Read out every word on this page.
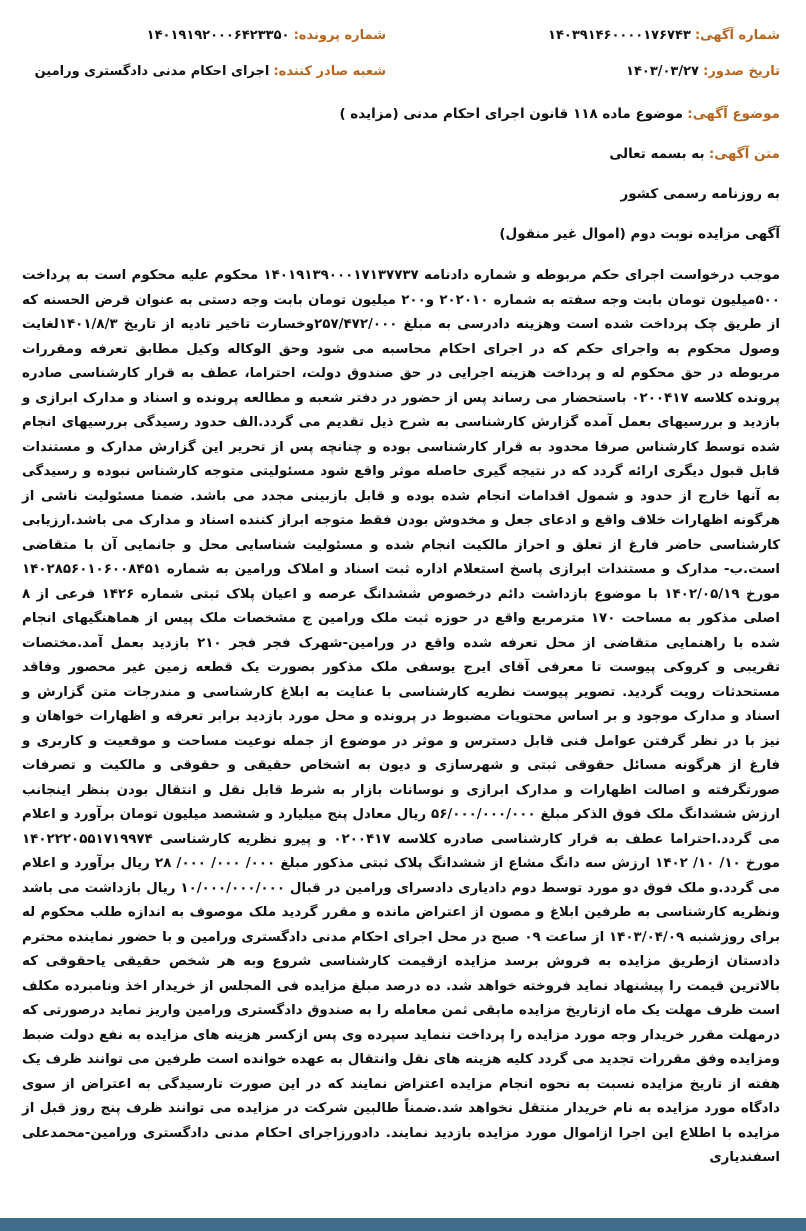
شماره آگهی: ۱۴۰۳۹۱۴۶۰۰۰۰۱۷۶۷۴۳
شماره پرونده: ۱۴۰۱۹۱۹۲۰۰۰۶۴۲۳۳۵۰
تاریخ صدور: ۱۴۰۳/۰۳/۲۷
شعبه صادر کننده: اجرای احکام مدنی دادگستری ورامین
موضوع آگهی: موضوع ماده ۱۱۸ قانون اجرای احکام مدنی (مزایده )
متن آگهی: به بسمه تعالی
به روزنامه رسمی کشور
آگهی مزایده نوبت دوم (اموال غیر منقول)

موجب درخواست اجرای حکم مربوطه و شماره دادنامه ۱۴۰۱۹۱۳۹۰۰۰۱۷۱۳۷۷۳۷ محکوم علیه محکوم است به پرداخت ۵۰۰میلیون تومان بابت وجه سفته به شماره ۲۰۲۰۱۰ و۲۰۰ میلیون تومان بابت وجه دستی به عنوان قرض الحسنه که از طریق چک پرداخت شده است وهزینه دادرسی به مبلغ ۲۵۷/۴۷۲/۰۰۰وخسارت تاخیر تادیه از تاریخ ۱۴۰۱/۸/۳لغایت وصول محکوم به واجرای حکم که در اجرای احکام محاسبه می شود وحق الوکاله وکیل مطابق تعرفه ومقررات مربوطه در حق محکوم له و پرداخت هزینه اجرایی در حق صندوق دولت، احتراما، عطف به قرار کارشناسی صادره پرونده کلاسه ۰۲۰۰۴۱۷ باستحضار می رساند پس از حضور در دفتر شعبه و مطالعه پرونده و اسناد و مدارک ابرازی و بازدید و بررسیهای بعمل آمده گزارش کارشناسی به شرح ذیل تقدیم می گردد.الف حدود رسیدگی بررسیهای انجام شده توسط کارشناس صرفا محدود به قرار کارشناسی بوده و چنانچه پس از تحریر این گزارش مدارک و مستندات قابل قبول دیگری ارائه گردد که در نتیجه گیری حاصله موثر واقع شود مسئولیتی متوجه کارشناس نبوده و رسیدگی به آنها خارج از حدود و شمول اقدامات انجام شده بوده و قابل بازبینی مجدد می باشد. ضمنا مسئولیت ناشی از هرگونه اظهارات خلاف واقع و ادعای جعل و مخدوش بودن فقط متوجه ابراز کننده اسناد و مدارک می باشد.ارزیابی کارشناسی حاضر فارغ از تعلق و احراز مالکیت انجام شده و مسئولیت شناسایی محل و جانمایی آن با متقاضی است.ب- مدارک و مستندات ابرازی پاسخ استعلام اداره ثبت اسناد و املاک ورامین به شماره ۱۴۰۲۸۵۶۰۱۰۶۰۰۸۴۵۱ مورخ ۱۴۰۲/۰۵/۱۹ با موضوع بازداشت دائم درخصوص ششدانگ عرصه و اعیان پلاک ثبتی شماره ۱۴۲۶ فرعی از ۸ اصلی مذکور به مساحت ۱۷۰ مترمربع واقع در حوزه ثبت ملک ورامین ج مشخصات ملک پیس از هماهنگیهای انجام شده با راهنمایی متقاضی از محل تعرفه شده واقع در ورامین-شهرک فجر فجر ۲۱۰ بازدید بعمل آمد.مختصات تقریبی و کروکی پیوست تا معرفی آقای ایرج یوسفی ملک مذکور بصورت یک قطعه زمین غیر محصور وفاقد مستحدثات رویت گردید. تصویر پیوست نظریه کارشناسی با عنایت به ابلاغ کارشناسی و مندرجات متن گزارش و اسناد و مدارک موجود و بر اساس محتویات مضبوط در پرونده و محل مورد بازدید برابر تعرفه و اظهارات خواهان و نیز با در نظر گرفتن عوامل فنی قابل دسترس و موثر در موضوع از جمله نوعیت مساحت و موقعیت و کاربری و فارغ از هرگونه مسائل حقوقی ثبتی و شهرسازی و دیون به اشخاص حقیقی و حقوقی و مالکیت و تصرفات صورتگرفته و اصالت اظهارات و مدارک ابرازی و نوسانات بازار به شرط قابل نقل و انتقال بودن بنظر اینجانب ارزش ششدانگ ملک فوق الذکر مبلغ ۵۶/۰۰۰/۰۰۰/۰۰۰ ریال معادل پنج میلیارد و ششصد میلیون تومان برآورد و اعلام می گردد.احتراما عطف به قرار کارشناسی صادره کلاسه ۰۲۰۰۴۱۷ و پیرو نظریه کارشناسی ۱۴۰۲۲۲۰۵۵۱۷۱۹۹۷۴ مورخ ۱۰/ ۱۰/ ۱۴۰۲ ارزش سه دانگ مشاع از ششدانگ پلاک ثبتی مذکور مبلغ ۰۰۰/ ۰۰۰/ ۰۰۰/ ۲۸ ریال برآورد و اعلام می گردد.و ملک فوق دو مورد توسط دوم دادیاری دادسرای ورامین در قبال ۱۰/۰۰۰/۰۰۰/۰۰۰ ریال بازداشت می باشد ونظریه کارشناسی به طرفین ابلاغ و مصون از اعتراض مانده و مقرر گردید ملک موصوف به اندازه طلب محکوم له برای روزشنبه ۱۴۰۳/۰۴/۰۹ از ساعت ۰۹ صبح در محل اجرای احکام مدنی دادگستری ورامین و با حضور نماینده محترم دادستان ازطریق مزایده به فروش برسد مزایده ازقیمت کارشناسی شروع وبه هر شخص حقیقی یاحقوقی که بالاترین قیمت را پیشنهاد نماید فروخته خواهد شد. ده درصد مبلغ مزایده فی المجلس از خریدار اخذ ونامبرده مکلف است ظرف مهلت یک ماه ازتاریخ مزایده مابقی ثمن معامله را به صندوق دادگستری ورامین واریز نماید درصورتی که درمهلت مقرر خریدار وجه مورد مزایده را پرداخت ننماید سپرده وی پس ازکسر هزینه های مزایده به نفع دولت ضبط ومزایده وفق مقررات تجدید می گردد کلیه هزینه های نقل وانتقال به عهده خوانده است طرفین می توانند ظرف یک هفته از تاریخ مزایده نسبت به نحوه انجام مزایده اعتراض نمایند که در این صورت تارسیدگی به اعتراض از سوی دادگاه مورد مزایده به نام خریدار منتقل نخواهد شد.ضمناً طالبین شرکت در مزایده می توانند ظرف پنج روز قبل از مزایده با اطلاع این اجرا ازاموال مورد مزایده بازدید نمایند. دادورزاجرای احکام مدنی دادگستری ورامین-محمدعلی اسفندیاری
